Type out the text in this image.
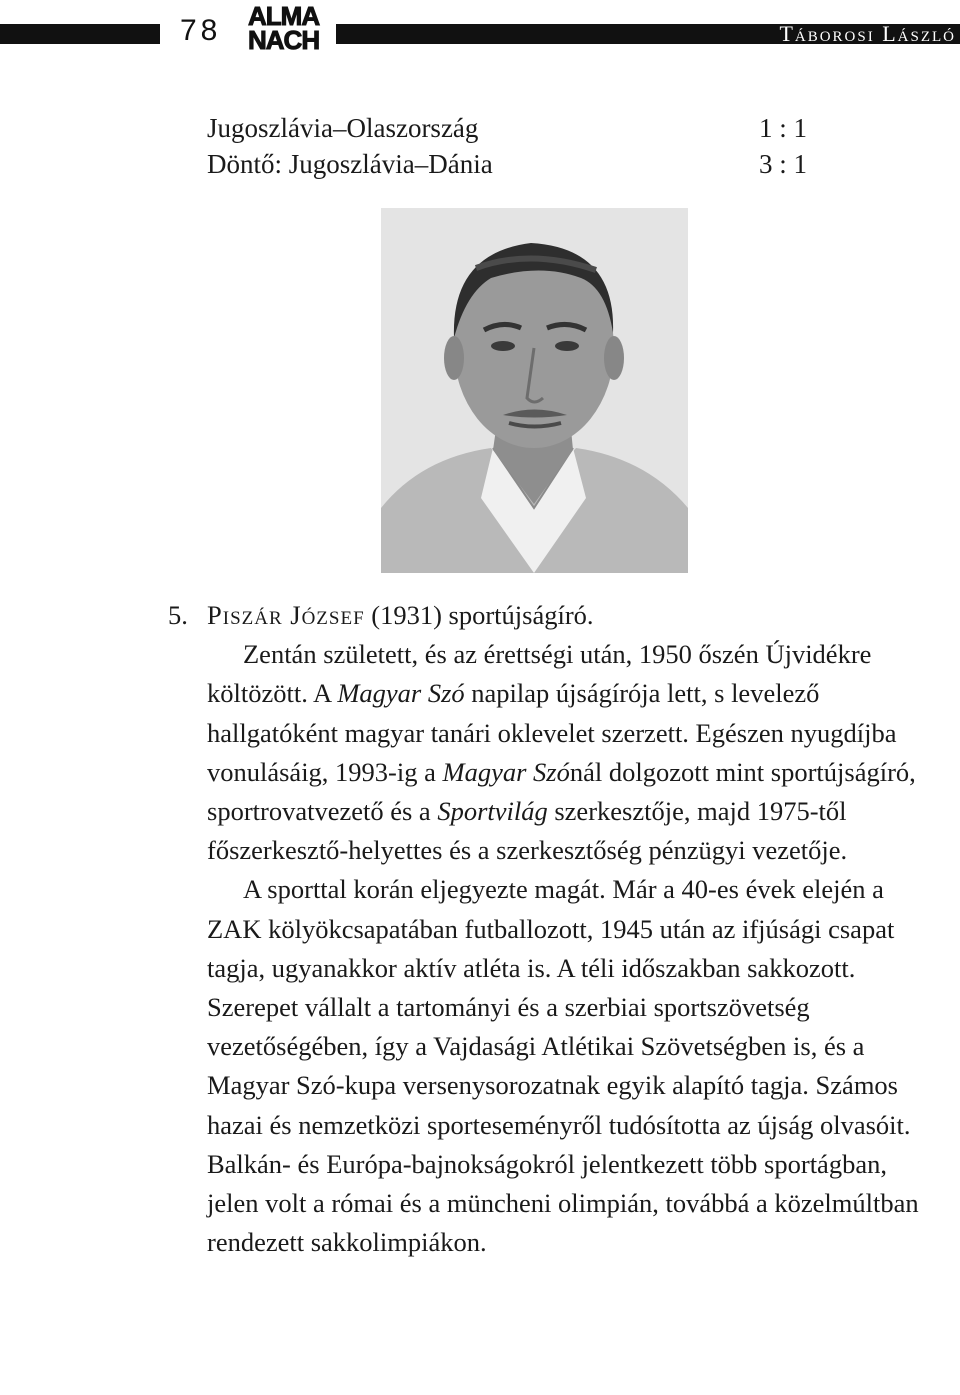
78 ALMA
NACH	Táborosi László
Jugoszlávia–Olaszország	1 : 1
Döntő: Jugoszlávia–Dánia	3 : 1
5. Piszár József (1931) sportújságíró.

Zentán született, és az érettségi után, 1950 őszén Újvidékre költözött. A Magyar Szó napilap újságírója lett, s levelező hallgatóként magyar tanári oklevelet szerzett. Egészen nyugdíjba vonulásáig, 1993-ig a Magyar Szónál dolgozott mint sportújságíró, sportrovatvezető és a Sportvilág szerkesztője, majd 1975-től főszerkesztő-helyettes és a szerkesztőség pénzügyi vezetője.

A sporttal korán eljegyezte magát. Már a 40-es évek elején a ZAK kölyökcsapatában futballozott, 1945 után az ifjúsági csapat tagja, ugyanakkor aktív atléta is. A téli időszakban sakkozott. Szerepet vállalt a tartományi és a szerbiai sportszövetség vezetőségében, így a Vajdasági Atlétikai Szövetségben is, és a Magyar Szó-kupa versenysorozatnak egyik alapító tagja. Számos hazai és nemzetközi sporteseményről tudósította az újság olvasóit. Balkán- és Európa-bajnokságokról jelentkezett több sportágban, jelen volt a római és a müncheni olimpián, továbbá a közelmúltban rendezett sakkolimpiákon.
